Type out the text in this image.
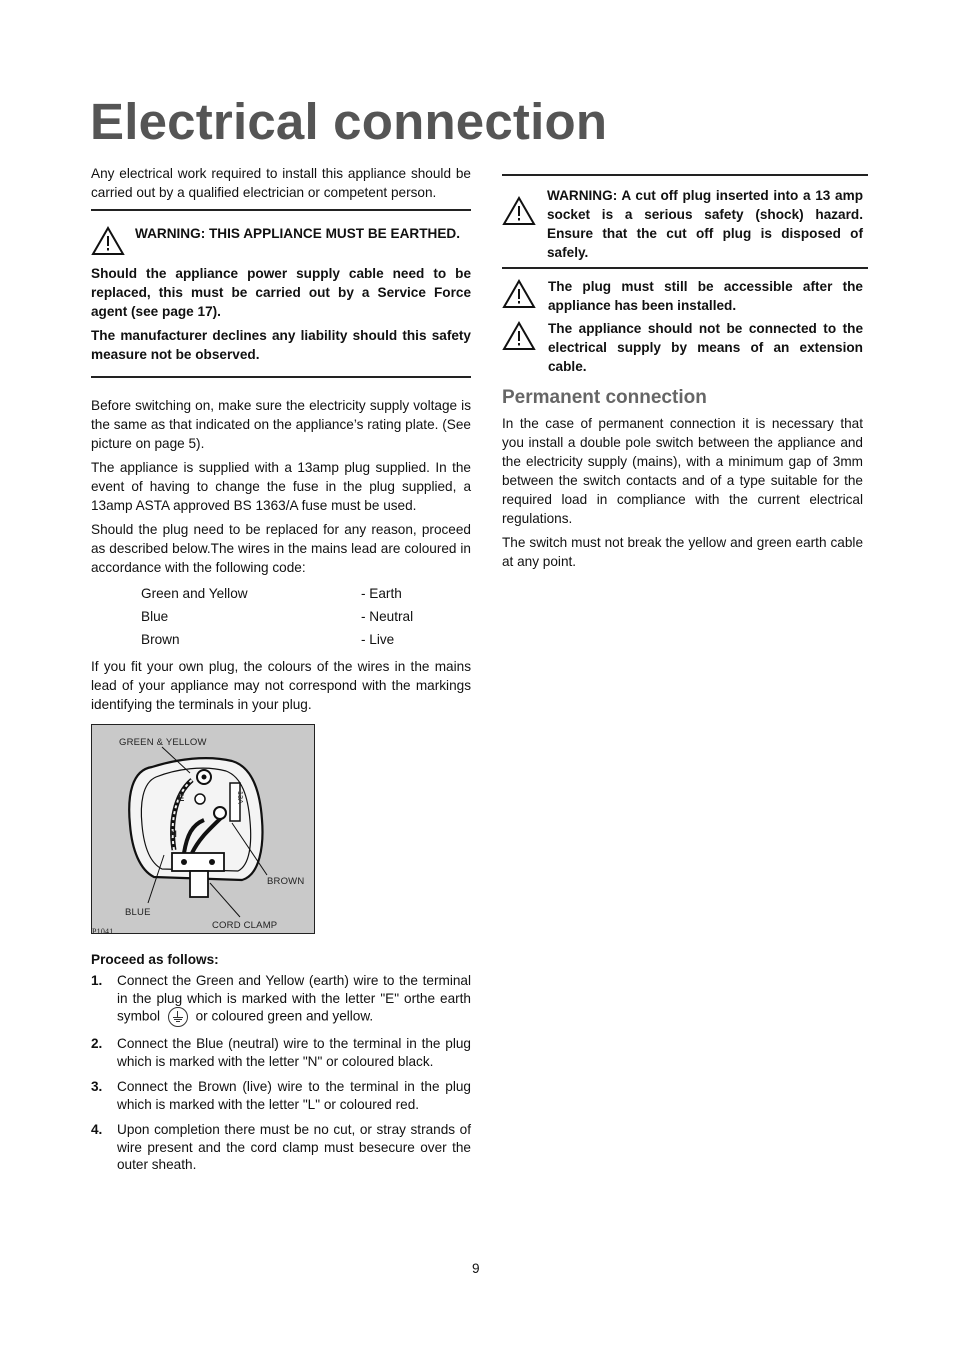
Electrical connection

Any electrical work required to install this appliance should be carried out by a qualified electrician or competent person.

WARNING: THIS APPLIANCE MUST BE EARTHED.

Should the appliance power supply cable need to be replaced, this must be carried out by a Service Force agent (see page 17).

The manufacturer declines any liability should this safety measure not be observed.

Before switching on, make sure the electricity supply voltage is the same as that indicated on the appliance’s rating plate. (See picture on page 5).

The appliance is supplied with a 13amp plug supplied. In the event of having to change the fuse in the plug supplied, a 13amp ASTA approved BS 1363/A fuse must be used.

Should the plug need to be replaced for any reason, proceed as described below.The wires in the mains lead are coloured in accordance with the following code:

Green and Yellow	- Earth
Blue	- Neutral
Brown	- Live

If you fit your own plug, the colours of the wires in the mains lead of your appliance may not correspond with the markings identifying the terminals in your plug.

GREEN & YELLOW
E
N
13A
BROWN
BLUE
CORD CLAMP
P1041
Proceed as follows:
1.	Connect the Green and Yellow (earth) wire to the terminal in the plug which is marked with the letter "E" orthe earth symbol	or coloured green and yellow.
2.	Connect the Blue (neutral) wire to the terminal in the plug which is marked with the letter "N" or coloured black.
3.	Connect the Brown (live) wire to the terminal in the plug which is marked with the letter "L" or coloured red.
4.	Upon completion there must be no cut, or stray strands of wire present and the cord clamp must besecure over the outer sheath.
WARNING: A cut off plug inserted into a 13 amp socket is a serious safety (shock) hazard. Ensure that the cut off plug is disposed of safely.
The plug must still be accessible after the appliance has been installed.
The appliance should not be connected to the electrical supply by means of an extension cable.
Permanent connection

In the case of permanent connection it is necessary that you install a double pole switch between the appliance and the electricity supply (mains), with a minimum gap of 3mm between the switch contacts and of a type suitable for the required load in compliance with the current electrical regulations.

The switch must not break the yellow and green earth cable at any point.

9
